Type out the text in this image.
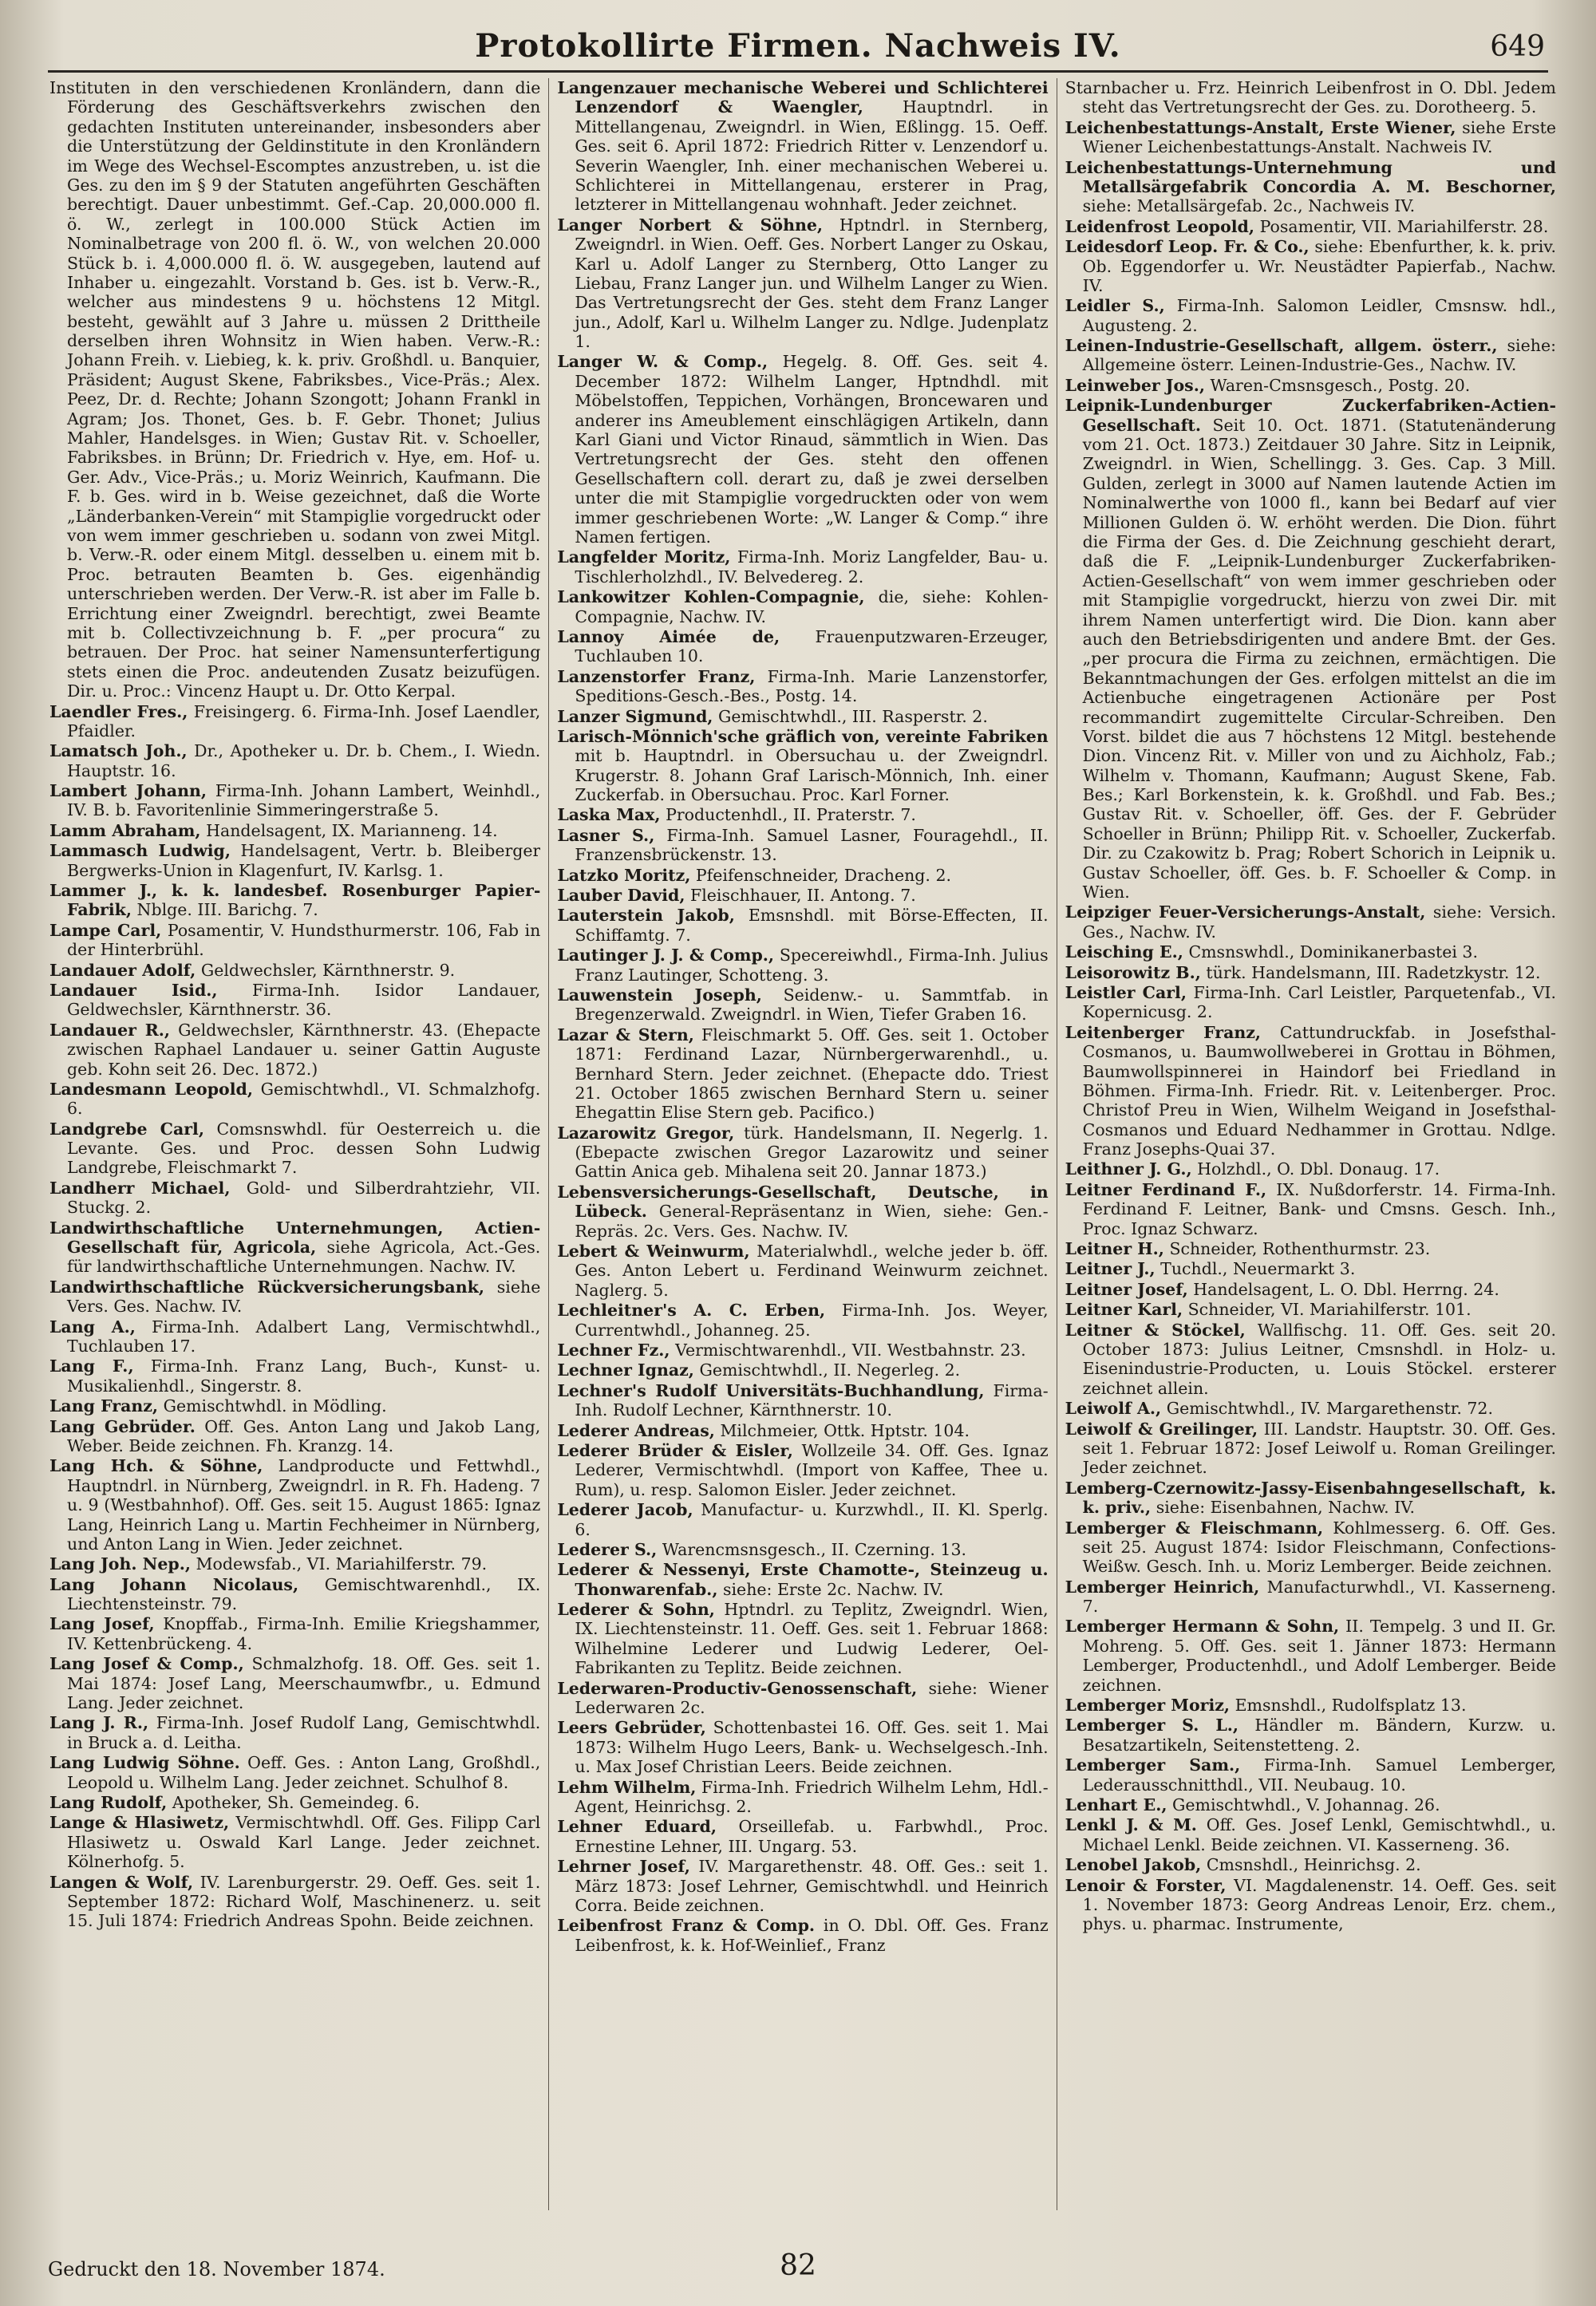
Protokollirte Firmen. Nachweis IV.	649

Instituten in den verschiedenen Kronländern, dann die Förderung des Geschäftsverkehrs zwischen den gedachten Instituten untereinander, insbesonders aber die Unterstützung der Geldinstitute in den Kronländern im Wege des Wechsel-Escomptes anzustreben, u. ist die Ges. zu den im § 9 der Statuten angeführten Geschäften berechtigt. Dauer unbestimmt. Gef.-Cap. 20,000.000 fl. ö. W., zerlegt in 100.000 Stück Actien im Nominalbetrage von 200 fl. ö. W., von welchen 20.000 Stück b. i. 4,000.000 fl. ö. W. ausgegeben, lautend auf Inhaber u. eingezahlt. Vorstand b. Ges. ist b. Verw.-R., welcher aus mindestens 9 u. höchstens 12 Mitgl. besteht, gewählt auf 3 Jahre u. müssen 2 Drittheile derselben ihren Wohnsitz in Wien haben. Verw.-R.: Johann Freih. v. Liebieg, k. k. priv. Großhdl. u. Banquier, Präsident; August Skene, Fabriksbes., Vice-Präs.; Alex. Peez, Dr. d. Rechte; Johann Szongott; Johann Frankl in Agram; Jos. Thonet, Ges. b. F. Gebr. Thonet; Julius Mahler, Handelsges. in Wien; Gustav Rit. v. Schoeller, Fabriksbes. in Brünn; Dr. Friedrich v. Hye, em. Hof- u. Ger. Adv., Vice-Präs.; u. Moriz Weinrich, Kaufmann. Die F. b. Ges. wird in b. Weise gezeichnet, daß die Worte „Länderbanken-Verein“ mit Stampiglie vorgedruckt oder von wem immer geschrieben u. sodann von zwei Mitgl. b. Verw.-R. oder einem Mitgl. desselben u. einem mit b. Proc. betrauten Beamten b. Ges. eigenhändig unterschrieben werden. Der Verw.-R. ist aber im Falle b. Errichtung einer Zweigndrl. berechtigt, zwei Beamte mit b. Collectivzeichnung b. F. „per procura“ zu betrauen. Der Proc. hat seiner Namensunterfertigung stets einen die Proc. andeutenden Zusatz beizufügen. Dir. u. Proc.: Vincenz Haupt u. Dr. Otto Kerpal.

Laendler Fres., Freisingerg. 6. Firma-Inh. Josef Laendler, Pfaidler.

Lamatsch Joh., Dr., Apotheker u. Dr. b. Chem., I. Wiedn. Hauptstr. 16.

Lambert Johann, Firma-Inh. Johann Lambert, Weinhdl., IV. B. b. Favoritenlinie Simmeringerstraße 5.

Lamm Abraham, Handelsagent, IX. Marianneng. 14.

Lammasch Ludwig, Handelsagent, Vertr. b. Bleiberger Bergwerks-Union in Klagenfurt, IV. Karlsg. 1.

Lammer J., k. k. landesbef. Rosenburger Papier-Fabrik, Nblge. III. Barichg. 7.

Lampe Carl, Posamentir, V. Hundsthurmerstr. 106, Fab in der Hinterbrühl.

Landauer Adolf, Geldwechsler, Kärnthnerstr. 9.

Landauer Isid., Firma-Inh. Isidor Landauer, Geldwechsler, Kärnthnerstr. 36.

Landauer R., Geldwechsler, Kärnthnerstr. 43. (Ehepacte zwischen Raphael Landauer u. seiner Gattin Auguste geb. Kohn seit 26. Dec. 1872.)

Landesmann Leopold, Gemischtwhdl., VI. Schmalzhofg. 6.

Landgrebe Carl, Comsnswhdl. für Oesterreich u. die Levante. Ges. und Proc. dessen Sohn Ludwig Landgrebe, Fleischmarkt 7.

Landherr Michael, Gold- und Silberdrahtziehr, VII. Stuckg. 2.

Landwirthschaftliche Unternehmungen, Actien-Gesellschaft für, Agricola, siehe Agricola, Act.-Ges. für landwirthschaftliche Unternehmungen. Nachw. IV.

Landwirthschaftliche Rückversicherungsbank, siehe Vers. Ges. Nachw. IV.

Lang A., Firma-Inh. Adalbert Lang, Vermischtwhdl., Tuchlauben 17.

Lang F., Firma-Inh. Franz Lang, Buch-, Kunst- u. Musikalienhdl., Singerstr. 8.

Lang Franz, Gemischtwhdl. in Mödling.

Lang Gebrüder. Off. Ges. Anton Lang und Jakob Lang, Weber. Beide zeichnen. Fh. Kranzg. 14.

Lang Hch. & Söhne, Landproducte und Fettwhdl., Hauptndrl. in Nürnberg, Zweigndrl. in R. Fh. Hadeng. 7 u. 9 (Westbahnhof). Off. Ges. seit 15. August 1865: Ignaz Lang, Heinrich Lang u. Martin Fechheimer in Nürnberg, und Anton Lang in Wien. Jeder zeichnet.

Lang Joh. Nep., Modewsfab., VI. Mariahilferstr. 79.

Lang Johann Nicolaus, Gemischtwarenhdl., IX. Liechtensteinstr. 79.

Lang Josef, Knopffab., Firma-Inh. Emilie Kriegshammer, IV. Kettenbrückeng. 4.

Lang Josef & Comp., Schmalzhofg. 18. Off. Ges. seit 1. Mai 1874: Josef Lang, Meerschaumwfbr., u. Edmund Lang. Jeder zeichnet.

Lang J. R., Firma-Inh. Josef Rudolf Lang, Gemischtwhdl. in Bruck a. d. Leitha.

Lang Ludwig Söhne. Oeff. Ges. : Anton Lang, Großhdl., Leopold u. Wilhelm Lang. Jeder zeichnet. Schulhof 8.

Lang Rudolf, Apotheker, Sh. Gemeindeg. 6.

Lange & Hlasiwetz, Vermischtwhdl. Off. Ges. Filipp Carl Hlasiwetz u. Oswald Karl Lange. Jeder zeichnet. Kölnerhofg. 5.

Langen & Wolf, IV. Larenburgerstr. 29. Oeff. Ges. seit 1. September 1872: Richard Wolf, Maschinenerz. u. seit 15. Juli 1874: Friedrich Andreas Spohn. Beide zeichnen.

Langenzauer mechanische Weberei und Schlichterei Lenzendorf & Waengler, Hauptndrl. in Mittellangenau, Zweigndrl. in Wien, Eßlingg. 15. Oeff. Ges. seit 6. April 1872: Friedrich Ritter v. Lenzendorf u. Severin Waengler, Inh. einer mechanischen Weberei u. Schlichterei in Mittellangenau, ersterer in Prag, letzterer in Mittellangenau wohnhaft. Jeder zeichnet.

Langer Norbert & Söhne, Hptndrl. in Sternberg, Zweigndrl. in Wien. Oeff. Ges. Norbert Langer zu Oskau, Karl u. Adolf Langer zu Sternberg, Otto Langer zu Liebau, Franz Langer jun. und Wilhelm Langer zu Wien. Das Vertretungsrecht der Ges. steht dem Franz Langer jun., Adolf, Karl u. Wilhelm Langer zu. Ndlge. Judenplatz 1.

Langer W. & Comp., Hegelg. 8. Off. Ges. seit 4. December 1872: Wilhelm Langer, Hptndhdl. mit Möbelstoffen, Teppichen, Vorhängen, Broncewaren und anderer ins Ameublement einschlägigen Artikeln, dann Karl Giani und Victor Rinaud, sämmtlich in Wien. Das Vertretungsrecht der Ges. steht den offenen Gesellschaftern coll. derart zu, daß je zwei derselben unter die mit Stampiglie vorgedruckten oder von wem immer geschriebenen Worte: „W. Langer & Comp.“ ihre Namen fertigen.

Langfelder Moritz, Firma-Inh. Moriz Langfelder, Bau- u. Tischlerholzhdl., IV. Belvedereg. 2.

Lankowitzer Kohlen-Compagnie, die, siehe: Kohlen-Compagnie, Nachw. IV.

Lannoy Aimée de, Frauenputzwaren-Erzeuger, Tuchlauben 10.

Lanzenstorfer Franz, Firma-Inh. Marie Lanzenstorfer, Speditions-Gesch.-Bes., Postg. 14.

Lanzer Sigmund, Gemischtwhdl., III. Rasperstr. 2.

Larisch-Mönnich'sche gräflich von, vereinte Fabriken mit b. Hauptndrl. in Obersuchau u. der Zweigndrl. Krugerstr. 8. Johann Graf Larisch-Mönnich, Inh. einer Zuckerfab. in Obersuchau. Proc. Karl Forner.

Laska Max, Productenhdl., II. Praterstr. 7.

Lasner S., Firma-Inh. Samuel Lasner, Fouragehdl., II. Franzensbrückenstr. 13.

Latzko Moritz, Pfeifenschneider, Dracheng. 2.

Lauber David, Fleischhauer, II. Antong. 7.

Lauterstein Jakob, Emsnshdl. mit Börse-Effecten, II. Schiffamtg. 7.

Lautinger J. J. & Comp., Specereiwhdl., Firma-Inh. Julius Franz Lautinger, Schotteng. 3.

Lauwenstein Joseph, Seidenw.- u. Sammtfab. in Bregenzerwald. Zweigndrl. in Wien, Tiefer Graben 16.

Lazar & Stern, Fleischmarkt 5. Off. Ges. seit 1. October 1871: Ferdinand Lazar, Nürnbergerwarenhdl., u. Bernhard Stern. Jeder zeichnet. (Ehepacte ddo. Triest 21. October 1865 zwischen Bernhard Stern u. seiner Ehegattin Elise Stern geb. Pacifico.)

Lazarowitz Gregor, türk. Handelsmann, II. Negerlg. 1. (Ebepacte zwischen Gregor Lazarowitz und seiner Gattin Anica geb. Mihalena seit 20. Jannar 1873.)

Lebensversicherungs-Gesellschaft, Deutsche, in Lübeck. General-Repräsentanz in Wien, siehe: Gen.-Repräs. 2c. Vers. Ges. Nachw. IV.

Lebert & Weinwurm, Materialwhdl., welche jeder b. öff. Ges. Anton Lebert u. Ferdinand Weinwurm zeichnet. Naglerg. 5.

Lechleitner's A. C. Erben, Firma-Inh. Jos. Weyer, Currentwhdl., Johanneg. 25.

Lechner Fz., Vermischtwarenhdl., VII. Westbahnstr. 23.

Lechner Ignaz, Gemischtwhdl., II. Negerleg. 2.

Lechner's Rudolf Universitäts-Buchhandlung, Firma-Inh. Rudolf Lechner, Kärnthnerstr. 10.

Lederer Andreas, Milchmeier, Ottk. Hptstr. 104.

Lederer Brüder & Eisler, Wollzeile 34. Off. Ges. Ignaz Lederer, Vermischtwhdl. (Import von Kaffee, Thee u. Rum), u. resp. Salomon Eisler. Jeder zeichnet.

Lederer Jacob, Manufactur- u. Kurzwhdl., II. Kl. Sperlg. 6.

Lederer S., Warencmsnsgesch., II. Czerning. 13.

Lederer & Nessenyi, Erste Chamotte-, Steinzeug u. Thonwarenfab., siehe: Erste 2c. Nachw. IV.

Lederer & Sohn, Hptndrl. zu Teplitz, Zweigndrl. Wien, IX. Liechtensteinstr. 11. Oeff. Ges. seit 1. Februar 1868: Wilhelmine Lederer und Ludwig Lederer, Oel-Fabrikanten zu Teplitz. Beide zeichnen.

Lederwaren-Productiv-Genossenschaft, siehe: Wiener Lederwaren 2c.

Leers Gebrüder, Schottenbastei 16. Off. Ges. seit 1. Mai 1873: Wilhelm Hugo Leers, Bank- u. Wechselgesch.-Inh. u. Max Josef Christian Leers. Beide zeichnen.

Lehm Wilhelm, Firma-Inh. Friedrich Wilhelm Lehm, Hdl.-Agent, Heinrichsg. 2.

Lehner Eduard, Orseillefab. u. Farbwhdl., Proc. Ernestine Lehner, III. Ungarg. 53.

Lehrner Josef, IV. Margarethenstr. 48. Off. Ges.: seit 1. März 1873: Josef Lehrner, Gemischtwhdl. und Heinrich Corra. Beide zeichnen.

Leibenfrost Franz & Comp. in O. Dbl. Off. Ges. Franz Leibenfrost, k. k. Hof-Weinlief., Franz

Starnbacher u. Frz. Heinrich Leibenfrost in O. Dbl. Jedem steht das Vertretungsrecht der Ges. zu. Dorotheerg. 5.

Leichenbestattungs-Anstalt, Erste Wiener, siehe Erste Wiener Leichenbestattungs-Anstalt. Nachweis IV.

Leichenbestattungs-Unternehmung und Metallsärgefabrik Concordia A. M. Beschorner, siehe: Metallsärgefab. 2c., Nachweis IV.

Leidenfrost Leopold, Posamentir, VII. Mariahilferstr. 28.

Leidesdorf Leop. Fr. & Co., siehe: Ebenfurther, k. k. priv. Ob. Eggendorfer u. Wr. Neustädter Papierfab., Nachw. IV.

Leidler S., Firma-Inh. Salomon Leidler, Cmsnsw. hdl., Augusteng. 2.

Leinen-Industrie-Gesellschaft, allgem. österr., siehe: Allgemeine österr. Leinen-Industrie-Ges., Nachw. IV.

Leinweber Jos., Waren-Cmsnsgesch., Postg. 20.

Leipnik-Lundenburger Zuckerfabriken-Actien-Gesellschaft. Seit 10. Oct. 1871. (Statutenänderung vom 21. Oct. 1873.) Zeitdauer 30 Jahre. Sitz in Leipnik, Zweigndrl. in Wien, Schellingg. 3. Ges. Cap. 3 Mill. Gulden, zerlegt in 3000 auf Namen lautende Actien im Nominalwerthe von 1000 fl., kann bei Bedarf auf vier Millionen Gulden ö. W. erhöht werden. Die Dion. führt die Firma der Ges. d. Die Zeichnung geschieht derart, daß die F. „Leipnik-Lundenburger Zuckerfabriken-Actien-Gesellschaft“ von wem immer geschrieben oder mit Stampiglie vorgedruckt, hierzu von zwei Dir. mit ihrem Namen unterfertigt wird. Die Dion. kann aber auch den Betriebsdirigenten und andere Bmt. der Ges. „per procura die Firma zu zeichnen, ermächtigen. Die Bekanntmachungen der Ges. erfolgen mittelst an die im Actienbuche eingetragenen Actionäre per Post recommandirt zugemittelte Circular-Schreiben. Den Vorst. bildet die aus 7 höchstens 12 Mitgl. bestehende Dion. Vincenz Rit. v. Miller von und zu Aichholz, Fab.; Wilhelm v. Thomann, Kaufmann; August Skene, Fab. Bes.; Karl Borkenstein, k. k. Großhdl. und Fab. Bes.; Gustav Rit. v. Schoeller, öff. Ges. der F. Gebrüder Schoeller in Brünn; Philipp Rit. v. Schoeller, Zuckerfab. Dir. zu Czakowitz b. Prag; Robert Schorich in Leipnik u. Gustav Schoeller, öff. Ges. b. F. Schoeller & Comp. in Wien.

Leipziger Feuer-Versicherungs-Anstalt, siehe: Versich. Ges., Nachw. IV.

Leisching E., Cmsnswhdl., Dominikanerbastei 3.

Leisorowitz B., türk. Handelsmann, III. Radetzkystr. 12.

Leistler Carl, Firma-Inh. Carl Leistler, Parquetenfab., VI. Kopernicusg. 2.

Leitenberger Franz, Cattundruckfab. in Josefsthal-Cosmanos, u. Baumwollweberei in Grottau in Böhmen, Baumwollspinnerei in Haindorf bei Friedland in Böhmen. Firma-Inh. Friedr. Rit. v. Leitenberger. Proc. Christof Preu in Wien, Wilhelm Weigand in Josefsthal-Cosmanos und Eduard Nedhammer in Grottau. Ndlge. Franz Josephs-Quai 37.

Leithner J. G., Holzhdl., O. Dbl. Donaug. 17.

Leitner Ferdinand F., IX. Nußdorferstr. 14. Firma-Inh. Ferdinand F. Leitner, Bank- und Cmsns. Gesch. Inh., Proc. Ignaz Schwarz.

Leitner H., Schneider, Rothenthurmstr. 23.

Leitner J., Tuchdl., Neuermarkt 3.

Leitner Josef, Handelsagent, L. O. Dbl. Herrng. 24.

Leitner Karl, Schneider, VI. Mariahilferstr. 101.

Leitner & Stöckel, Wallfischg. 11. Off. Ges. seit 20. October 1873: Julius Leitner, Cmsnshdl. in Holz- u. Eisenindustrie-Producten, u. Louis Stöckel. ersterer zeichnet allein.

Leiwolf A., Gemischtwhdl., IV. Margarethenstr. 72.

Leiwolf & Greilinger, III. Landstr. Hauptstr. 30. Off. Ges. seit 1. Februar 1872: Josef Leiwolf u. Roman Greilinger. Jeder zeichnet.

Lemberg-Czernowitz-Jassy-Eisenbahngesellschaft, k. k. priv., siehe: Eisenbahnen, Nachw. IV.

Lemberger & Fleischmann, Kohlmesserg. 6. Off. Ges. seit 25. August 1874: Isidor Fleischmann, Confections-Weißw. Gesch. Inh. u. Moriz Lemberger. Beide zeichnen.

Lemberger Heinrich, Manufacturwhdl., VI. Kasserneng. 7.

Lemberger Hermann & Sohn, II. Tempelg. 3 und II. Gr. Mohreng. 5. Off. Ges. seit 1. Jänner 1873: Hermann Lemberger, Productenhdl., und Adolf Lemberger. Beide zeichnen.

Lemberger Moriz, Emsnshdl., Rudolfsplatz 13.

Lemberger S. L., Händler m. Bändern, Kurzw. u. Besatzartikeln, Seitenstetteng. 2.

Lemberger Sam., Firma-Inh. Samuel Lemberger, Lederausschnitthdl., VII. Neubaug. 10.

Lenhart E., Gemischtwhdl., V. Johannag. 26.

Lenkl J. & M. Off. Ges. Josef Lenkl, Gemischtwhdl., u. Michael Lenkl. Beide zeichnen. VI. Kasserneng. 36.

Lenobel Jakob, Cmsnshdl., Heinrichsg. 2.

Lenoir & Forster, VI. Magdalenenstr. 14. Oeff. Ges. seit 1. November 1873: Georg Andreas Lenoir, Erz. chem., phys. u. pharmac. Instrumente,

Gedruckt den 18. November 1874.	82
